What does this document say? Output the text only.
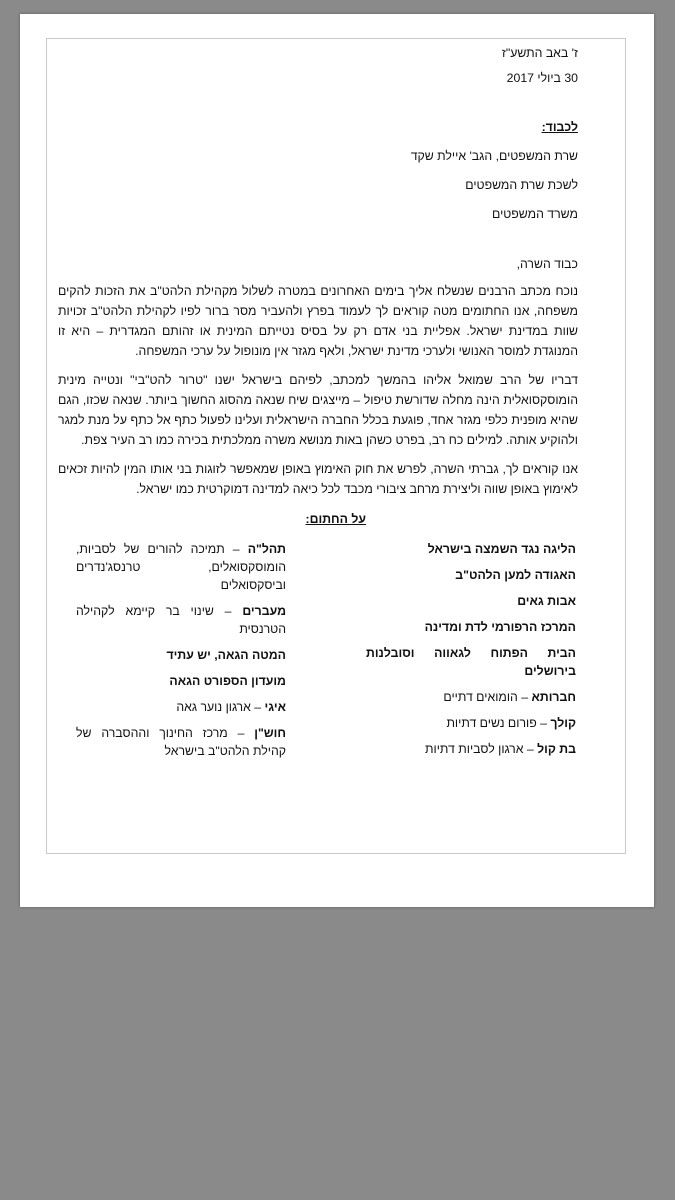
ז' באב התשע"ז
30 ביולי 2017
לכבוד:
שרת המשפטים, הגב' איילת שקד
לשכת שרת המשפטים
משרד המשפטים
כבוד השרה,

נוכח מכתב הרבנים שנשלח אליך בימים האחרונים במטרה לשלול מקהילת הלהט"ב את הזכות להקים משפחה, אנו החתומים מטה קוראים לך לעמוד בפרץ ולהעביר מסר ברור לפיו לקהילת הלהט"ב זכויות שוות במדינת ישראל. אפליית בני אדם רק על בסיס נטייתם המינית או זהותם המגדרית – היא זו המנוגדת למוסר האנושי ולערכי מדינת ישראל, ולאף מגזר אין מונופול על ערכי המשפחה.

דבריו של הרב שמואל אליהו בהמשך למכתב, לפיהם בישראל ישנו "טרור להט"בי" ונטייה מינית הומוסקסואלית הינה מחלה שדורשת טיפול – מייצגים שיח שנאה מהסוג החשוך ביותר. שנאה שכזו, הגם שהיא מופנית כלפי מגזר אחד, פוגעת בכלל החברה הישראלית ועלינו לפעול כתף אל כתף על מנת למגר ולהוקיע אותה. למילים כח רב, בפרט כשהן באות מנושא משרה ממלכתית בכירה כמו רב העיר צפת.

אנו קוראים לך, גברתי השרה, לפרש את חוק האימוץ באופן שמאפשר לזוגות בני אותו המין להיות זכאים לאימוץ באופן שווה וליצירת מרחב ציבורי מכבד לכל כיאה למדינה דמוקרטית כמו ישראל.

על החתום:
הליגה נגד השמצה בישראל
האגודה למען הלהט"ב
אבות גאים
המרכז הרפורמי לדת ומדינה
הבית הפתוח לגאווה וסובלנות בירושלים
חברותא – הומואים דתיים
קולך – פורום נשים דתיות
בת קול – ארגון לסביות דתיות
תהל"ה – תמיכה להורים של לסביות, הומוסקסואלים, טרנסג'נדרים וביסקסואלים
מעברים – שינוי בר קיימא לקהילה הטרנסית
המטה הגאה, יש עתיד
מועדון הספורט הגאה
איגי – ארגון נוער גאה
חוש"ן – מרכז החינוך וההסברה של קהילת הלהט"ב בישראל
